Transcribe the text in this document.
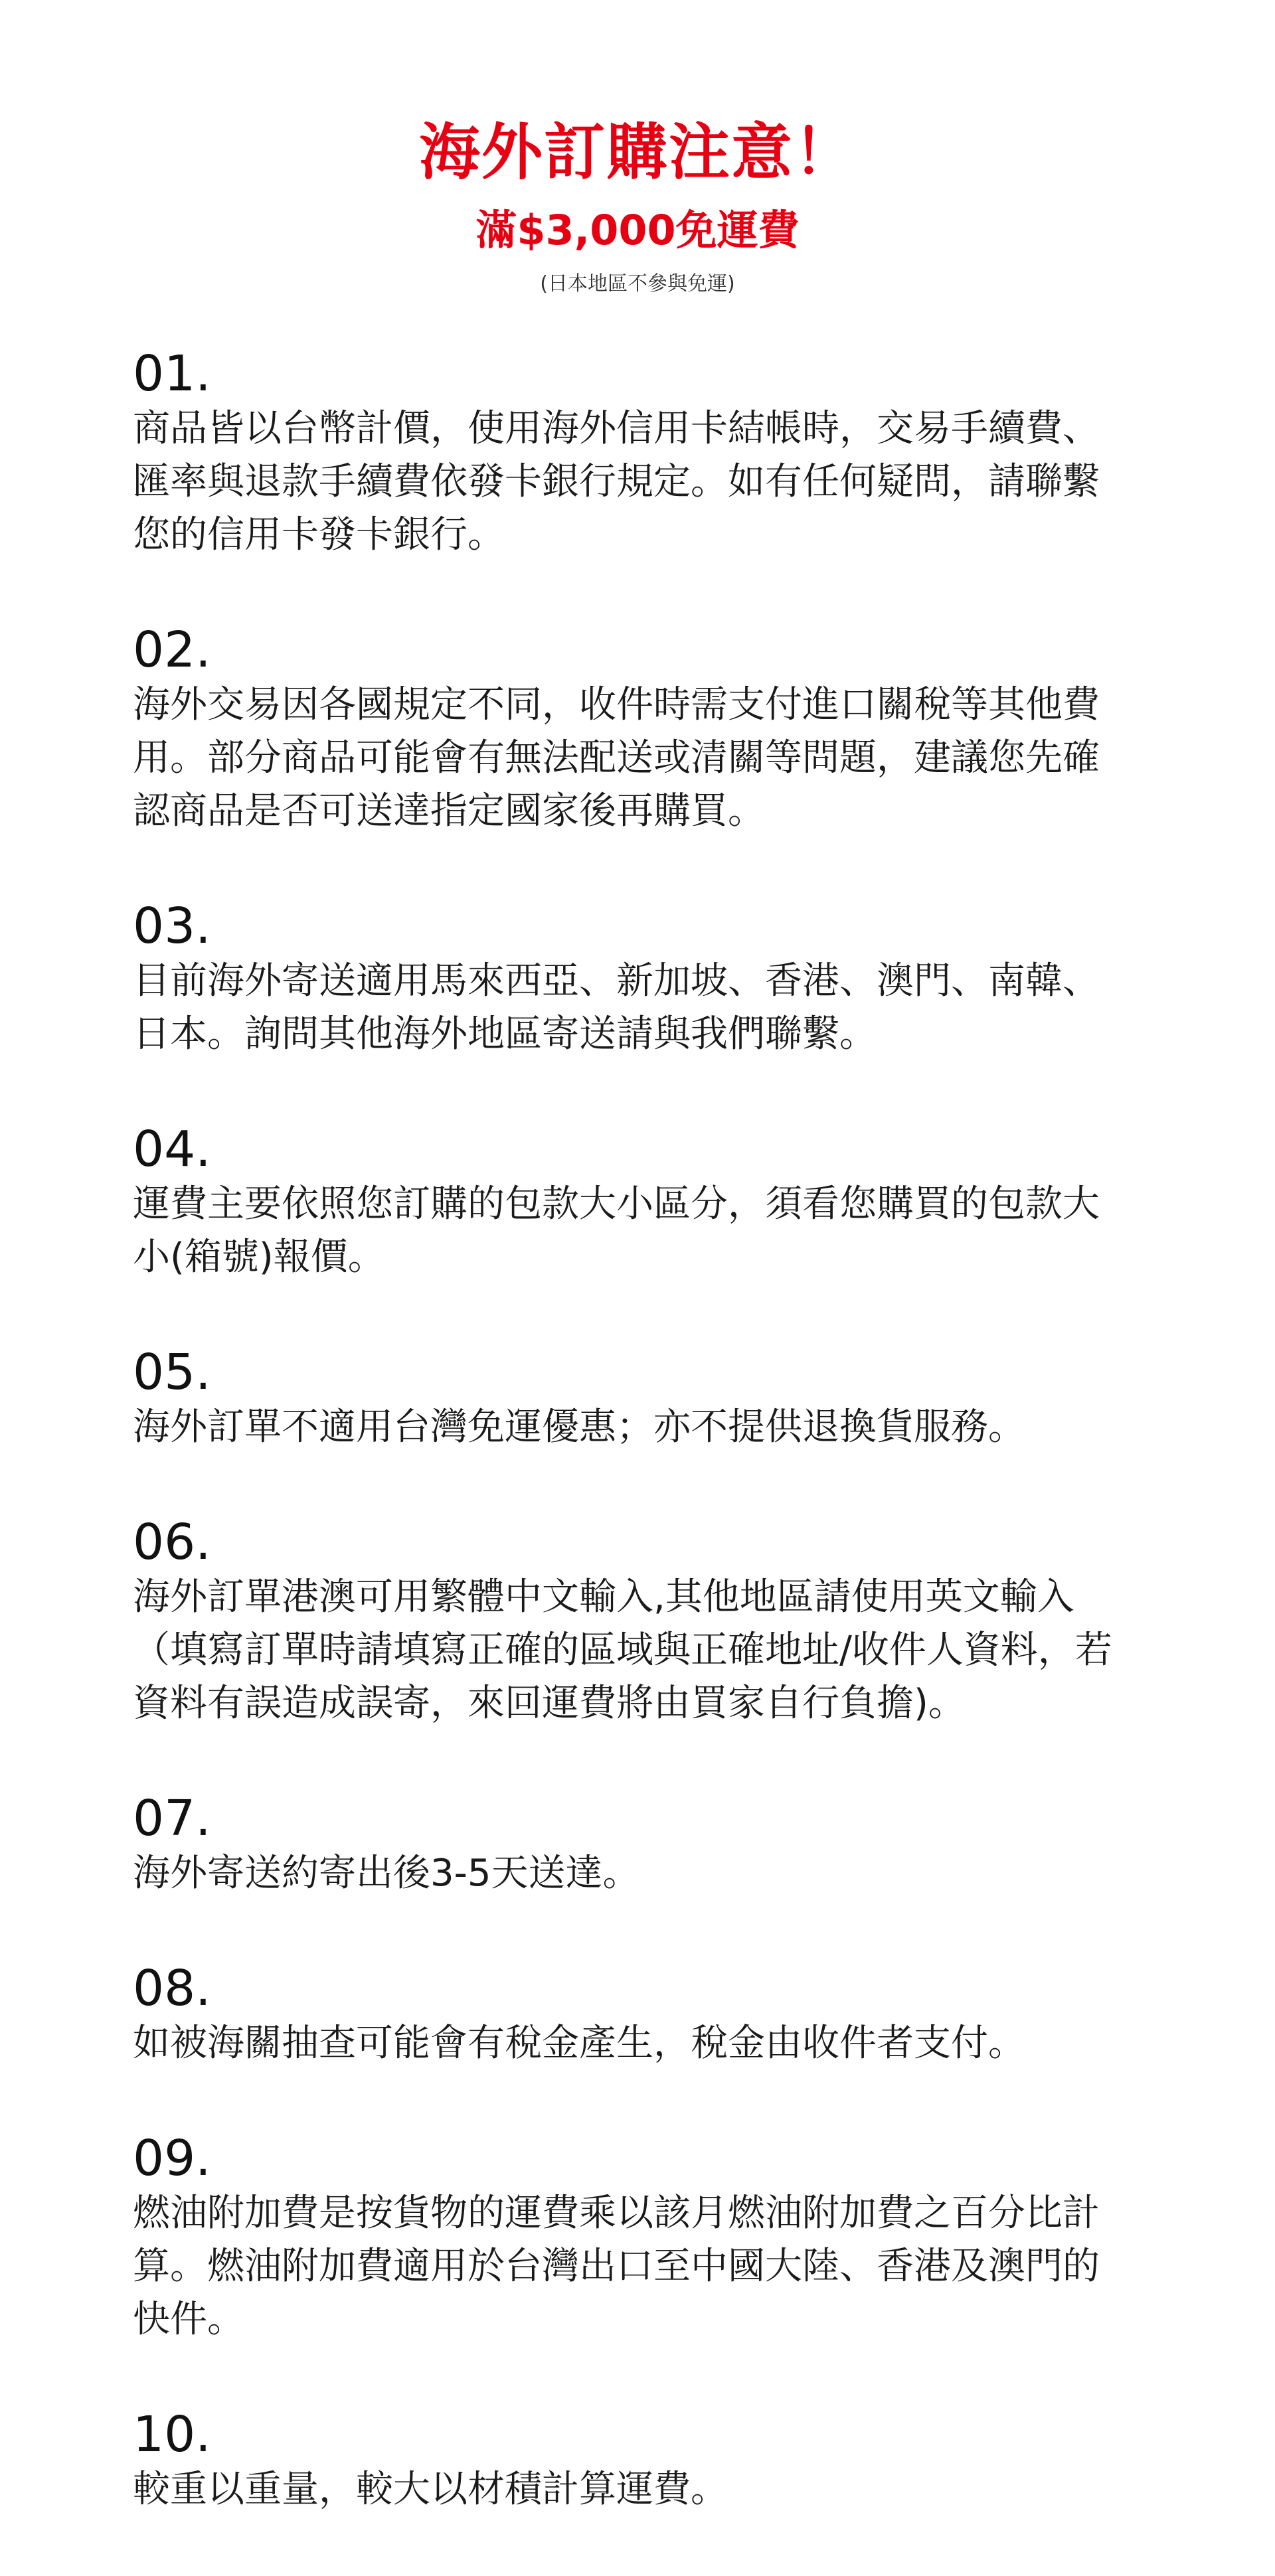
海外訂購注意！
滿$3,000免運費

(日本地區不參與免運)

01.

商品皆以台幣計價，使用海外信用卡結帳時，交易手續費、
匯率與退款手續費依發卡銀行規定。如有任何疑問，請聯繫
您的信用卡發卡銀行。

02.

海外交易因各國規定不同，收件時需支付進口關稅等其他費
用。部分商品可能會有無法配送或清關等問題，建議您先確
認商品是否可送達指定國家後再購買。

03.

目前海外寄送適用馬來西亞、新加坡、香港、澳門、南韓、
日本。詢問其他海外地區寄送請與我們聯繫。

04.

運費主要依照您訂購的包款大小區分，須看您購買的包款大
小(箱號)報價。

05.

海外訂單不適用台灣免運優惠；亦不提供退換貨服務。

06.

海外訂單港澳可用繁體中文輸入,其他地區請使用英文輸入
（填寫訂單時請填寫正確的區域與正確地址/收件人資料，若
資料有誤造成誤寄，來回運費將由買家自行負擔)。

07.

海外寄送約寄出後3-5天送達。

08.

如被海關抽查可能會有稅金產生，稅金由收件者支付。

09.

燃油附加費是按貨物的運費乘以該月燃油附加費之百分比計
算。燃油附加費適用於台灣出口至中國大陸、香港及澳門的
快件。

10.

較重以重量，較大以材積計算運費。
